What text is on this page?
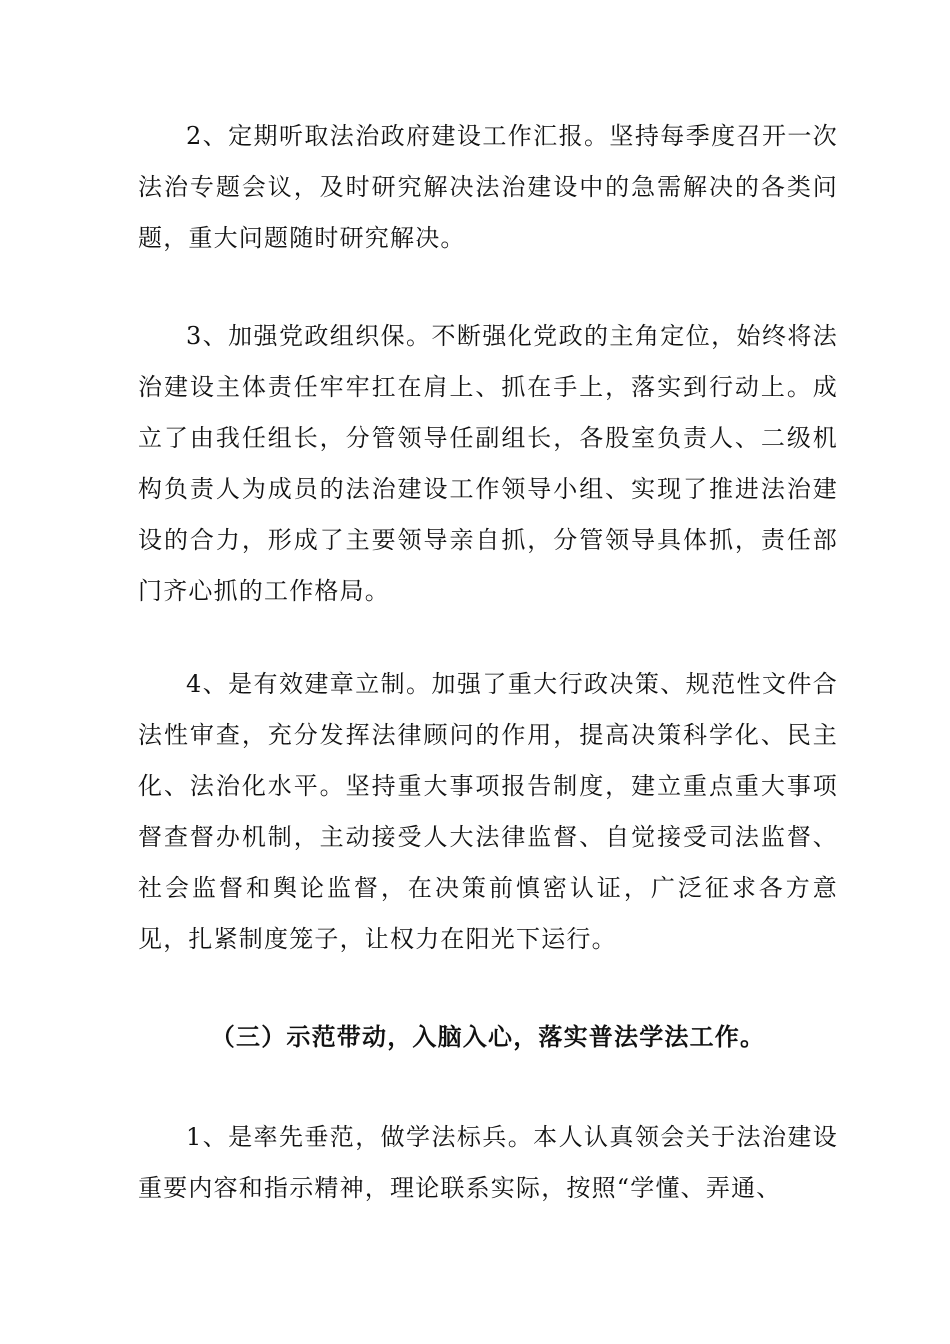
2、定期听取法治政府建设工作汇报。坚持每季度召开一次法治专题会议，及时研究解决法治建设中的急需解决的各类问题，重大问题随时研究解决。

3、加强党政组织保。不断强化党政的主角定位，始终将法治建设主体责任牢牢扛在肩上、抓在手上，落实到行动上。成立了由我任组长，分管领导任副组长，各股室负责人、二级机构负责人为成员的法治建设工作领导小组、实现了推进法治建设的合力，形成了主要领导亲自抓，分管领导具体抓，责任部门齐心抓的工作格局。

4、是有效建章立制。加强了重大行政决策、规范性文件合法性审查，充分发挥法律顾问的作用，提高决策科学化、民主化、法治化水平。坚持重大事项报告制度，建立重点重大事项督查督办机制，主动接受人大法律监督、自觉接受司法监督、社会监督和舆论监督，在决策前慎密认证，广泛征求各方意见，扎紧制度笼子，让权力在阳光下运行。

（三）示范带动，入脑入心，落实普法学法工作。

1、是率先垂范，做学法标兵。本人认真领会关于法治建设重要内容和指示精神，理论联系实际，按照“学懂、弄通、
